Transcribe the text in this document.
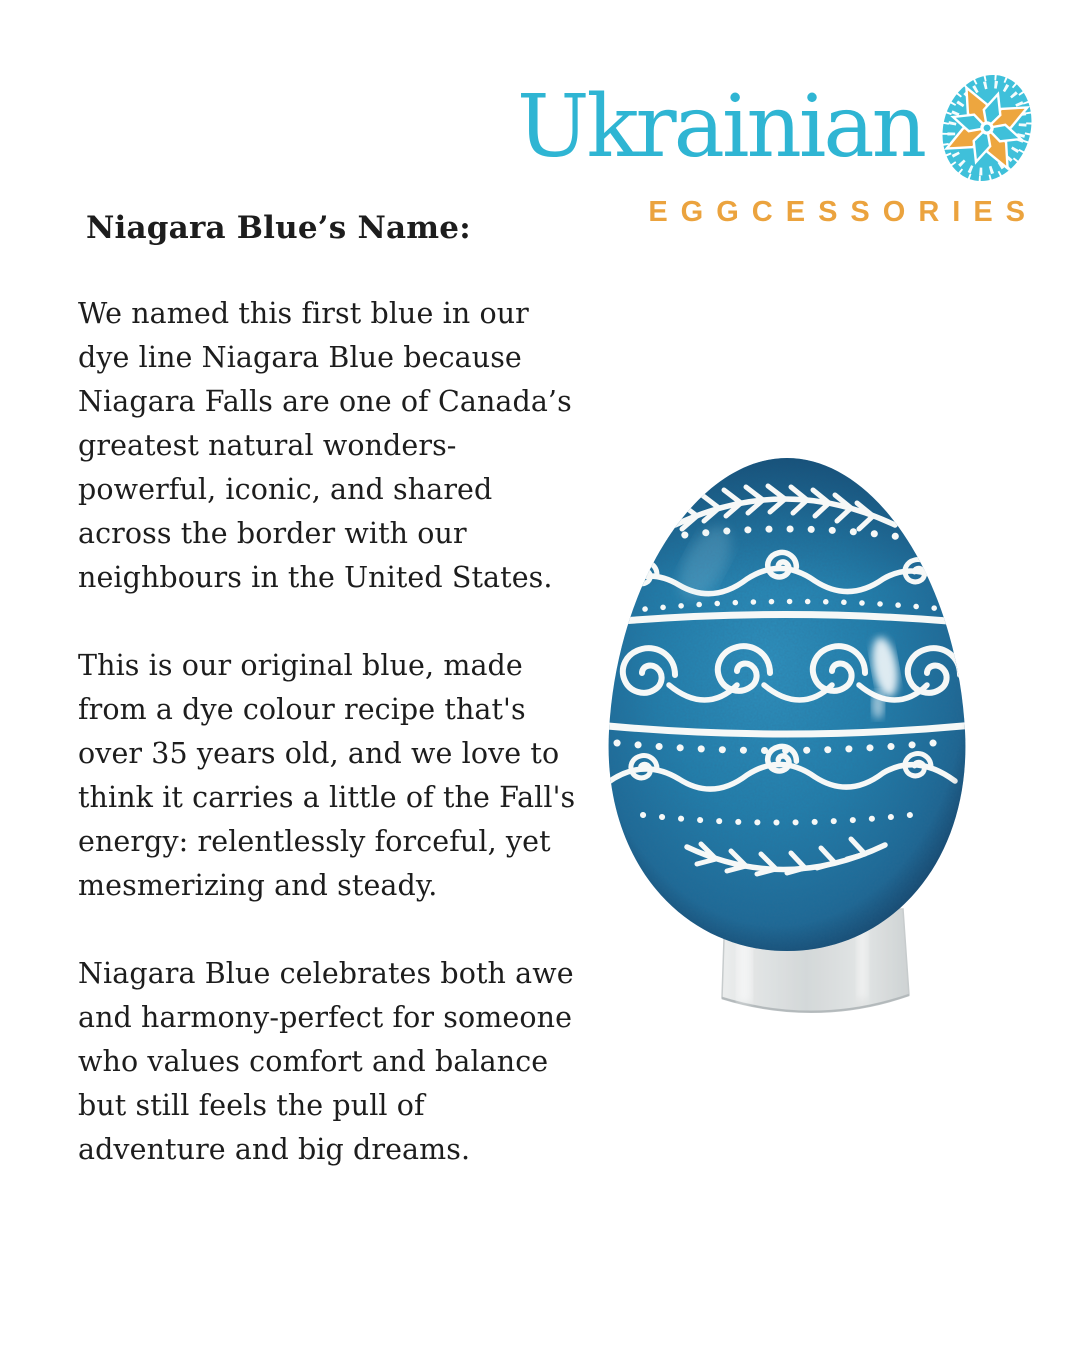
Ukrainian
EGGCESSORIES
Niagara Blue’s Name:

We named this first blue in our dye line Niagara Blue because Niagara Falls are one of Canada’s greatest natural wonders-powerful, iconic, and shared across the border with our neighbours in the United States.

This is our original blue, made from a dye colour recipe that's over 35 years old, and we love to think it carries a little of the Fall's energy: relentlessly forceful, yet mesmerizing and steady.

Niagara Blue celebrates both awe and harmony-perfect for someone who values comfort and balance but still feels the pull of adventure and big dreams.
